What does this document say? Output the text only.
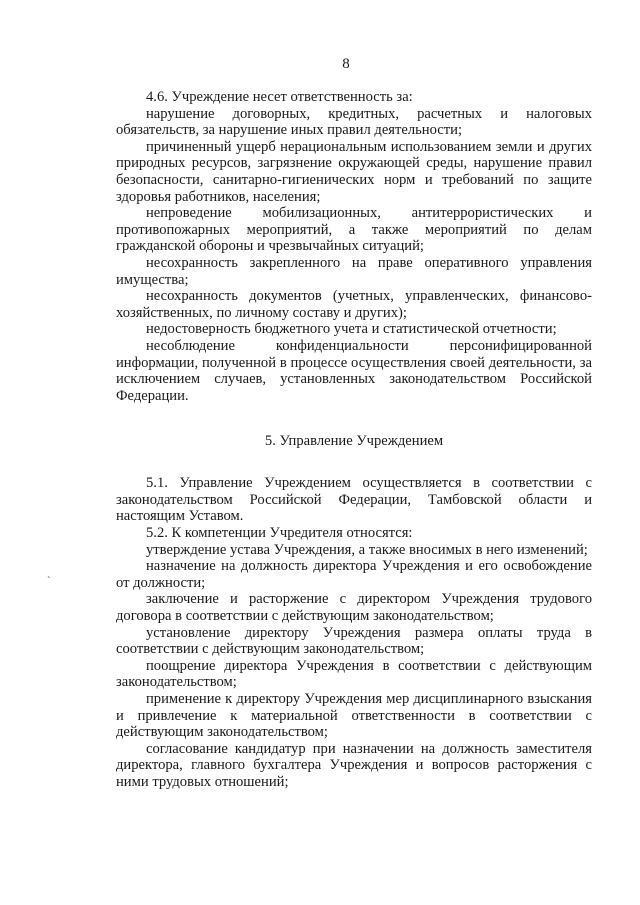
8
`

4.6. Учреждение несет ответственность за:

нарушение договорных, кредитных, расчетных и налоговых обязательств, за нарушение иных правил деятельности;

причиненный ущерб нерациональным использованием земли и других природных ресурсов, загрязнение окружающей среды, нарушение правил безопасности, санитарно-гигиенических норм и требований по защите здоровья работников, населения;

непроведение мобилизационных, антитеррористических и противопожарных мероприятий, а также мероприятий по делам гражданской обороны и чрезвычайных ситуаций;

несохранность закрепленного на праве оперативного управления имущества;

несохранность документов (учетных, управленческих, финансово-хозяйственных, по личному составу и других);

недостоверность бюджетного учета и статистической отчетности;

несоблюдение конфиденциальности персонифицированной информации, полученной в процессе осуществления своей деятельности, за исключением случаев, установленных законодательством Российской Федерации.

5. Управление Учреждением

5.1. Управление Учреждением осуществляется в соответствии с законодательством Российской Федерации, Тамбовской области и настоящим Уставом.

5.2. К компетенции Учредителя относятся:

утверждение устава Учреждения, а также вносимых в него изменений;

назначение на должность директора Учреждения и его освобождение от должности;

заключение и расторжение с директором Учреждения трудового договора в соответствии с действующим законодательством;

установление директору Учреждения размера оплаты труда в соответствии с действующим законодательством;

поощрение директора Учреждения в соответствии с действующим законодательством;

применение к директору Учреждения мер дисциплинарного взыскания и привлечение к материальной ответственности в соответствии с действующим законодательством;

согласование кандидатур при назначении на должность заместителя директора, главного бухгалтера Учреждения и вопросов расторжения с ними трудовых отношений;
